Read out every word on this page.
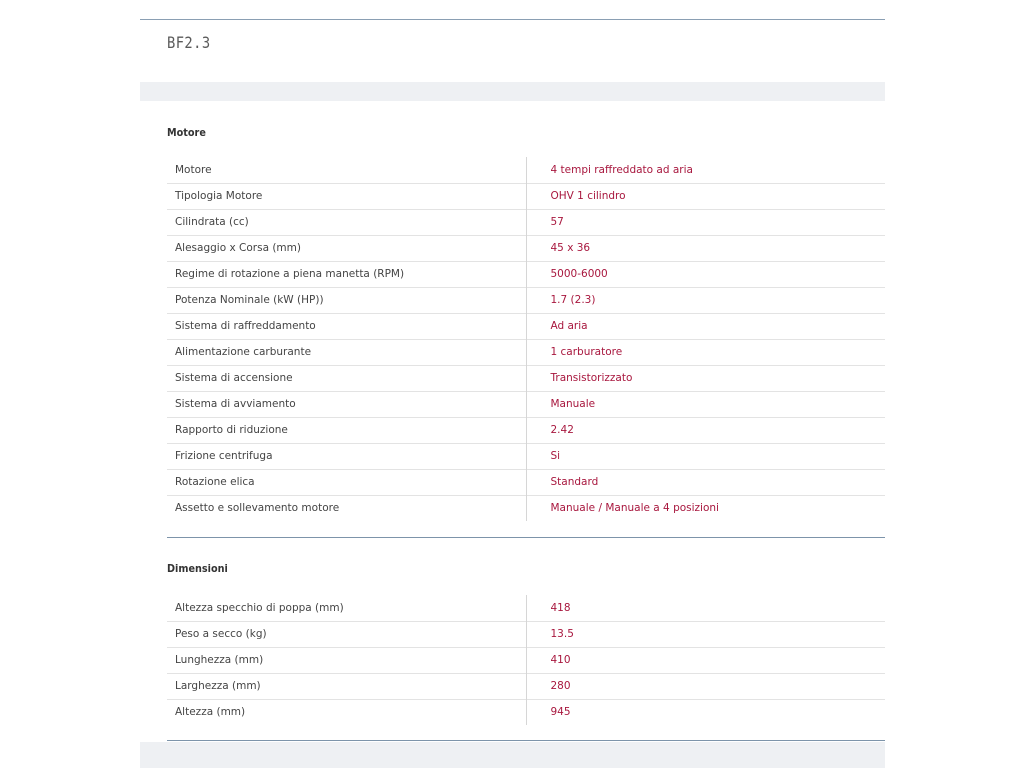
BF2.3
Motore
Motore	4 tempi raffreddato ad aria
Tipologia Motore	OHV 1 cilindro
Cilindrata (cc)	57
Alesaggio x Corsa (mm)	45 x 36
Regime di rotazione a piena manetta (RPM)	5000-6000
Potenza Nominale (kW (HP))	1.7 (2.3)
Sistema di raffreddamento	Ad aria
Alimentazione carburante	1 carburatore
Sistema di accensione	Transistorizzato
Sistema di avviamento	Manuale
Rapporto di riduzione	2.42
Frizione centrifuga	Si
Rotazione elica	Standard
Assetto e sollevamento motore	Manuale / Manuale a 4 posizioni
Dimensioni
Altezza specchio di poppa (mm)	418
Peso a secco (kg)	13.5
Lunghezza (mm)	410
Larghezza (mm)	280
Altezza (mm)	945
